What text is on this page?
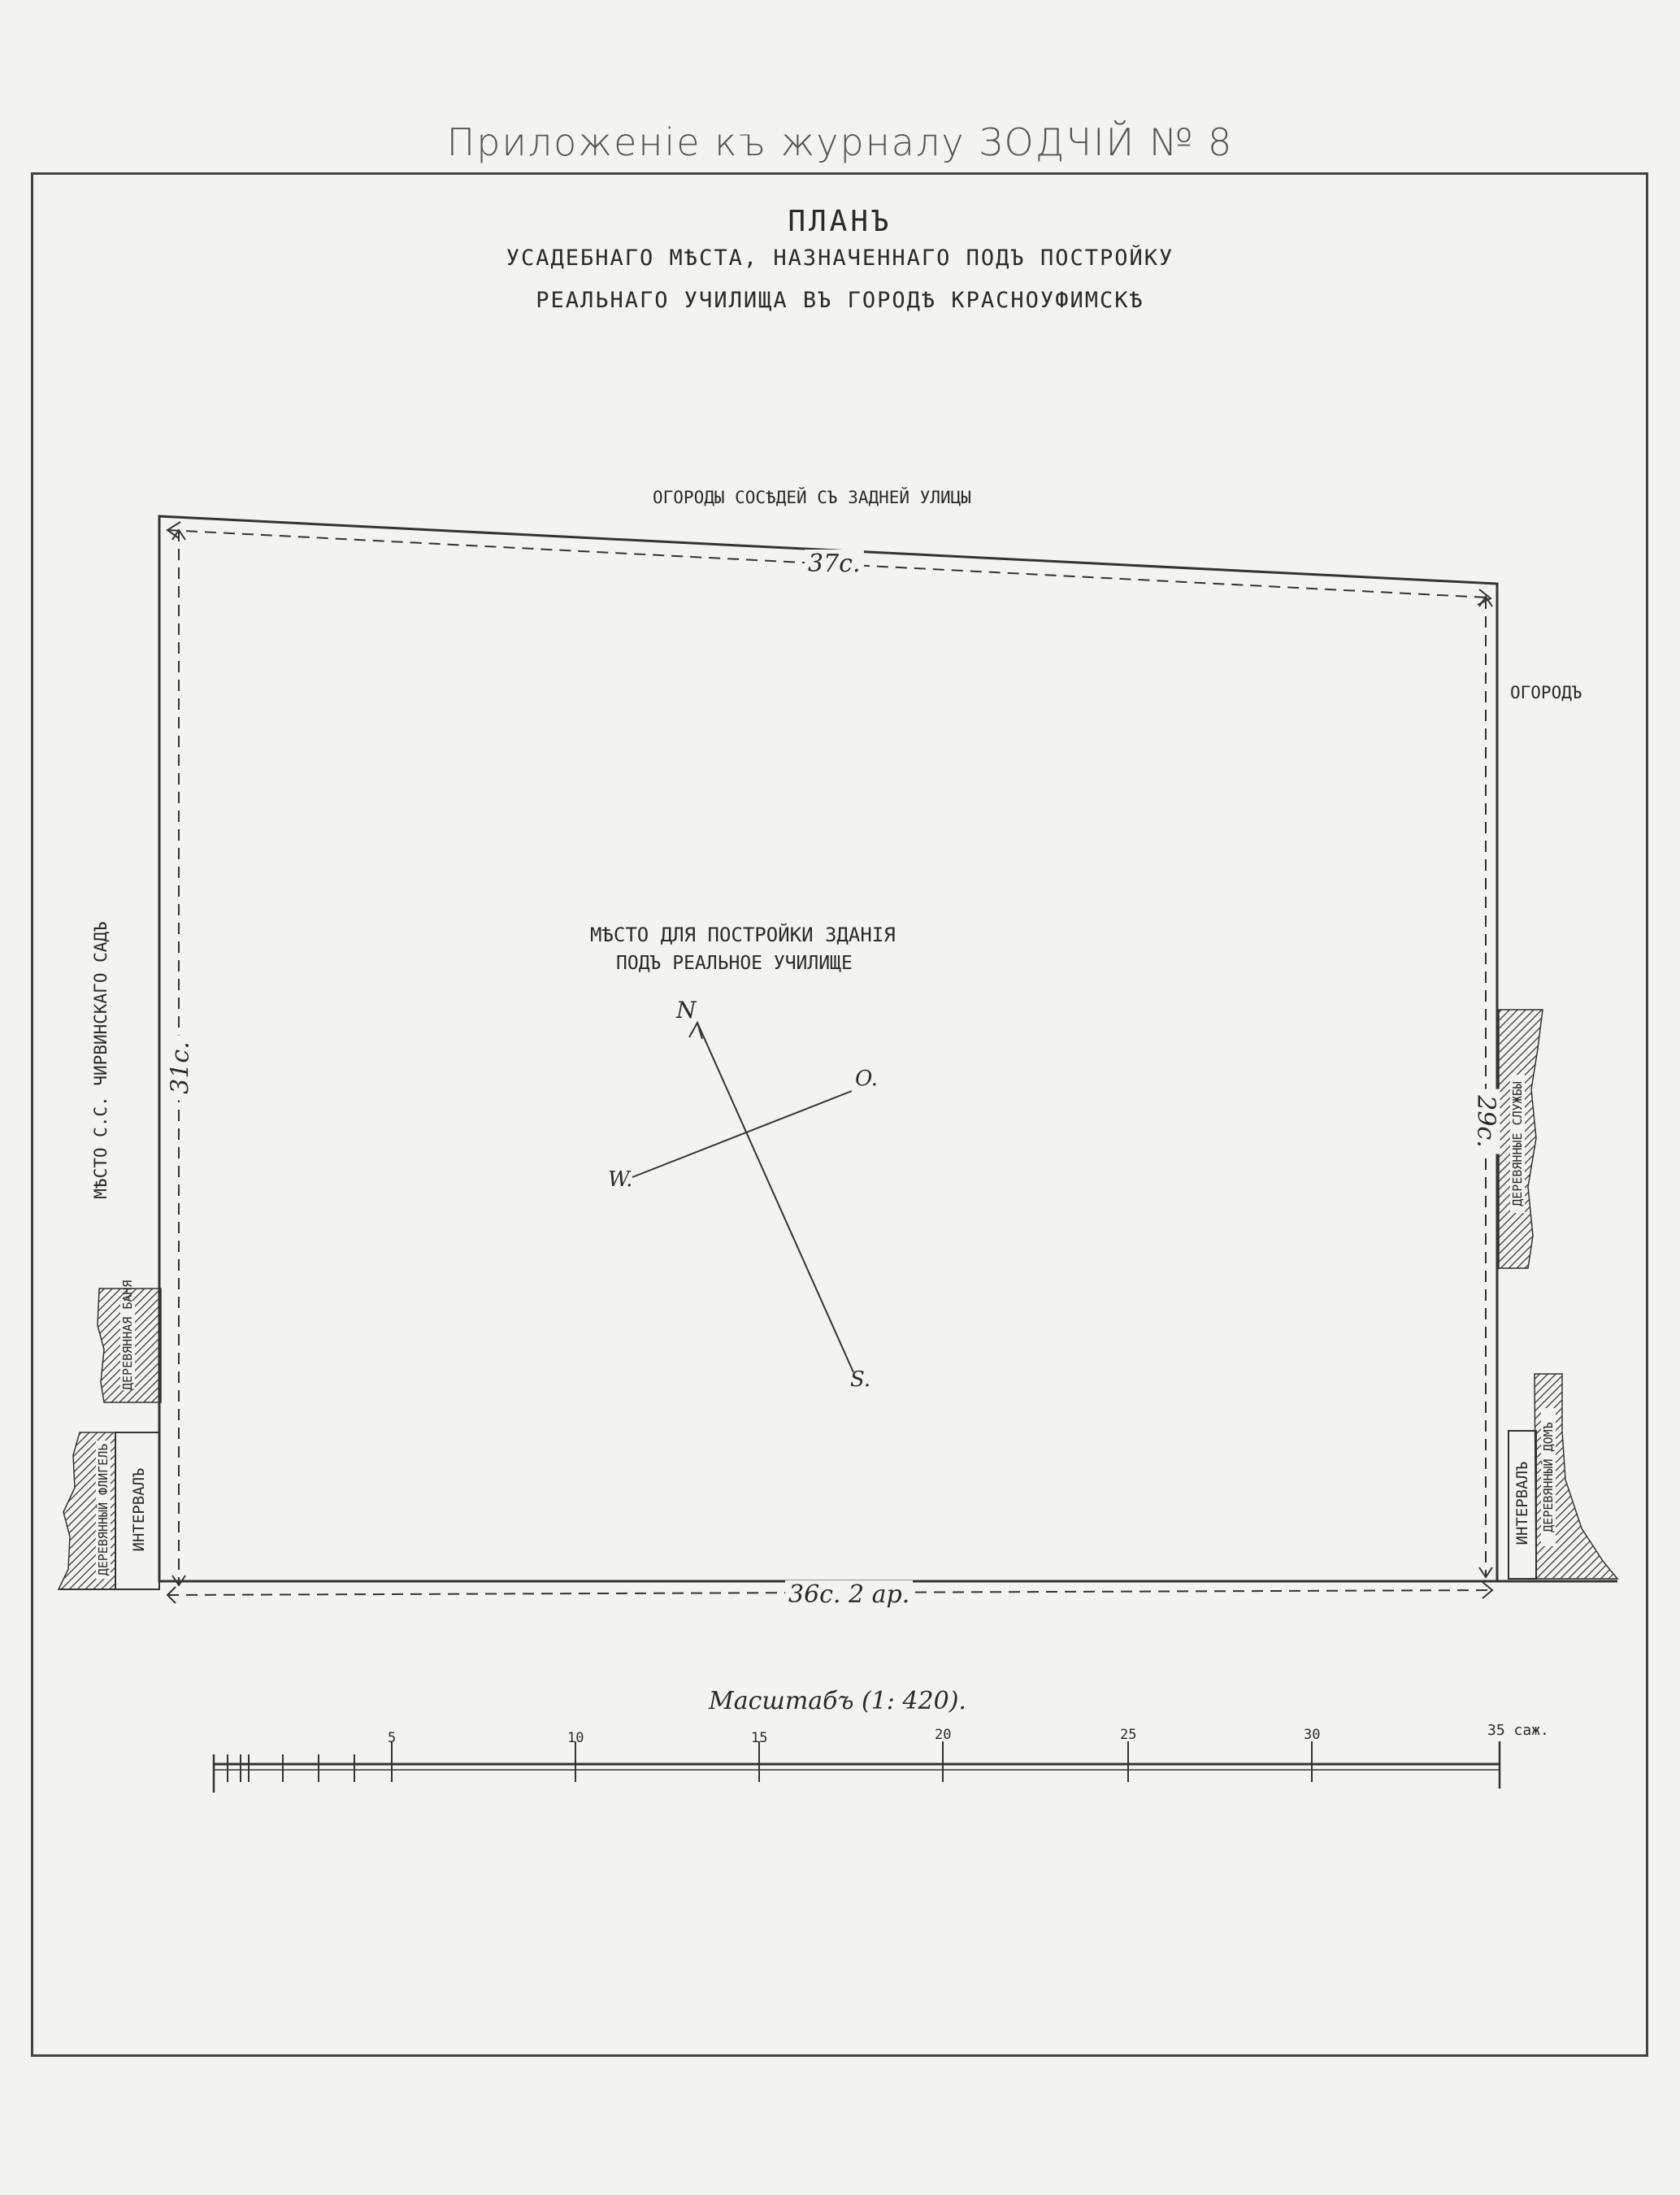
Приложенiе къ журналу ЗОДЧIЙ № 8
ПЛАНЪ
УСАДЕБНАГО МѢСТА, НАЗНАЧЕННАГО ПОДЪ ПОСТРОЙКУ
РЕАЛЬНАГО УЧИЛИЩА ВЪ ГОРОДѢ КРАСНОУФИМСКѢ
ОГОРОДЫ СОСѢДЕЙ СЪ ЗАДНЕЙ УЛИЦЫ
ОГОРОДЪ
МѢСТО ДЛЯ ПОСТРОЙКИ ЗДАНIЯ
ПОДЪ РЕАЛЬНОЕ УЧИЛИЩЕ
37с.
36с. 2 ар.
31с.
29с.
МѢСТО С.С. ЧИРВИНСКАГО САДЪ
ДЕРЕВЯННАЯ БАНЯ
ДЕРЕВЯННЫЙ ФЛИГЕЛЬ ИНТЕРВАЛЪ
ДЕРЕВЯННЫЕ СЛУЖБЫ
ДЕРЕВЯННЫЙ ДОМЪ
ИНТЕРВАЛЪ
N
S.
W.
O.
Масштабъ (1: 420).
5	10	15	20	25	30	35 саж.
